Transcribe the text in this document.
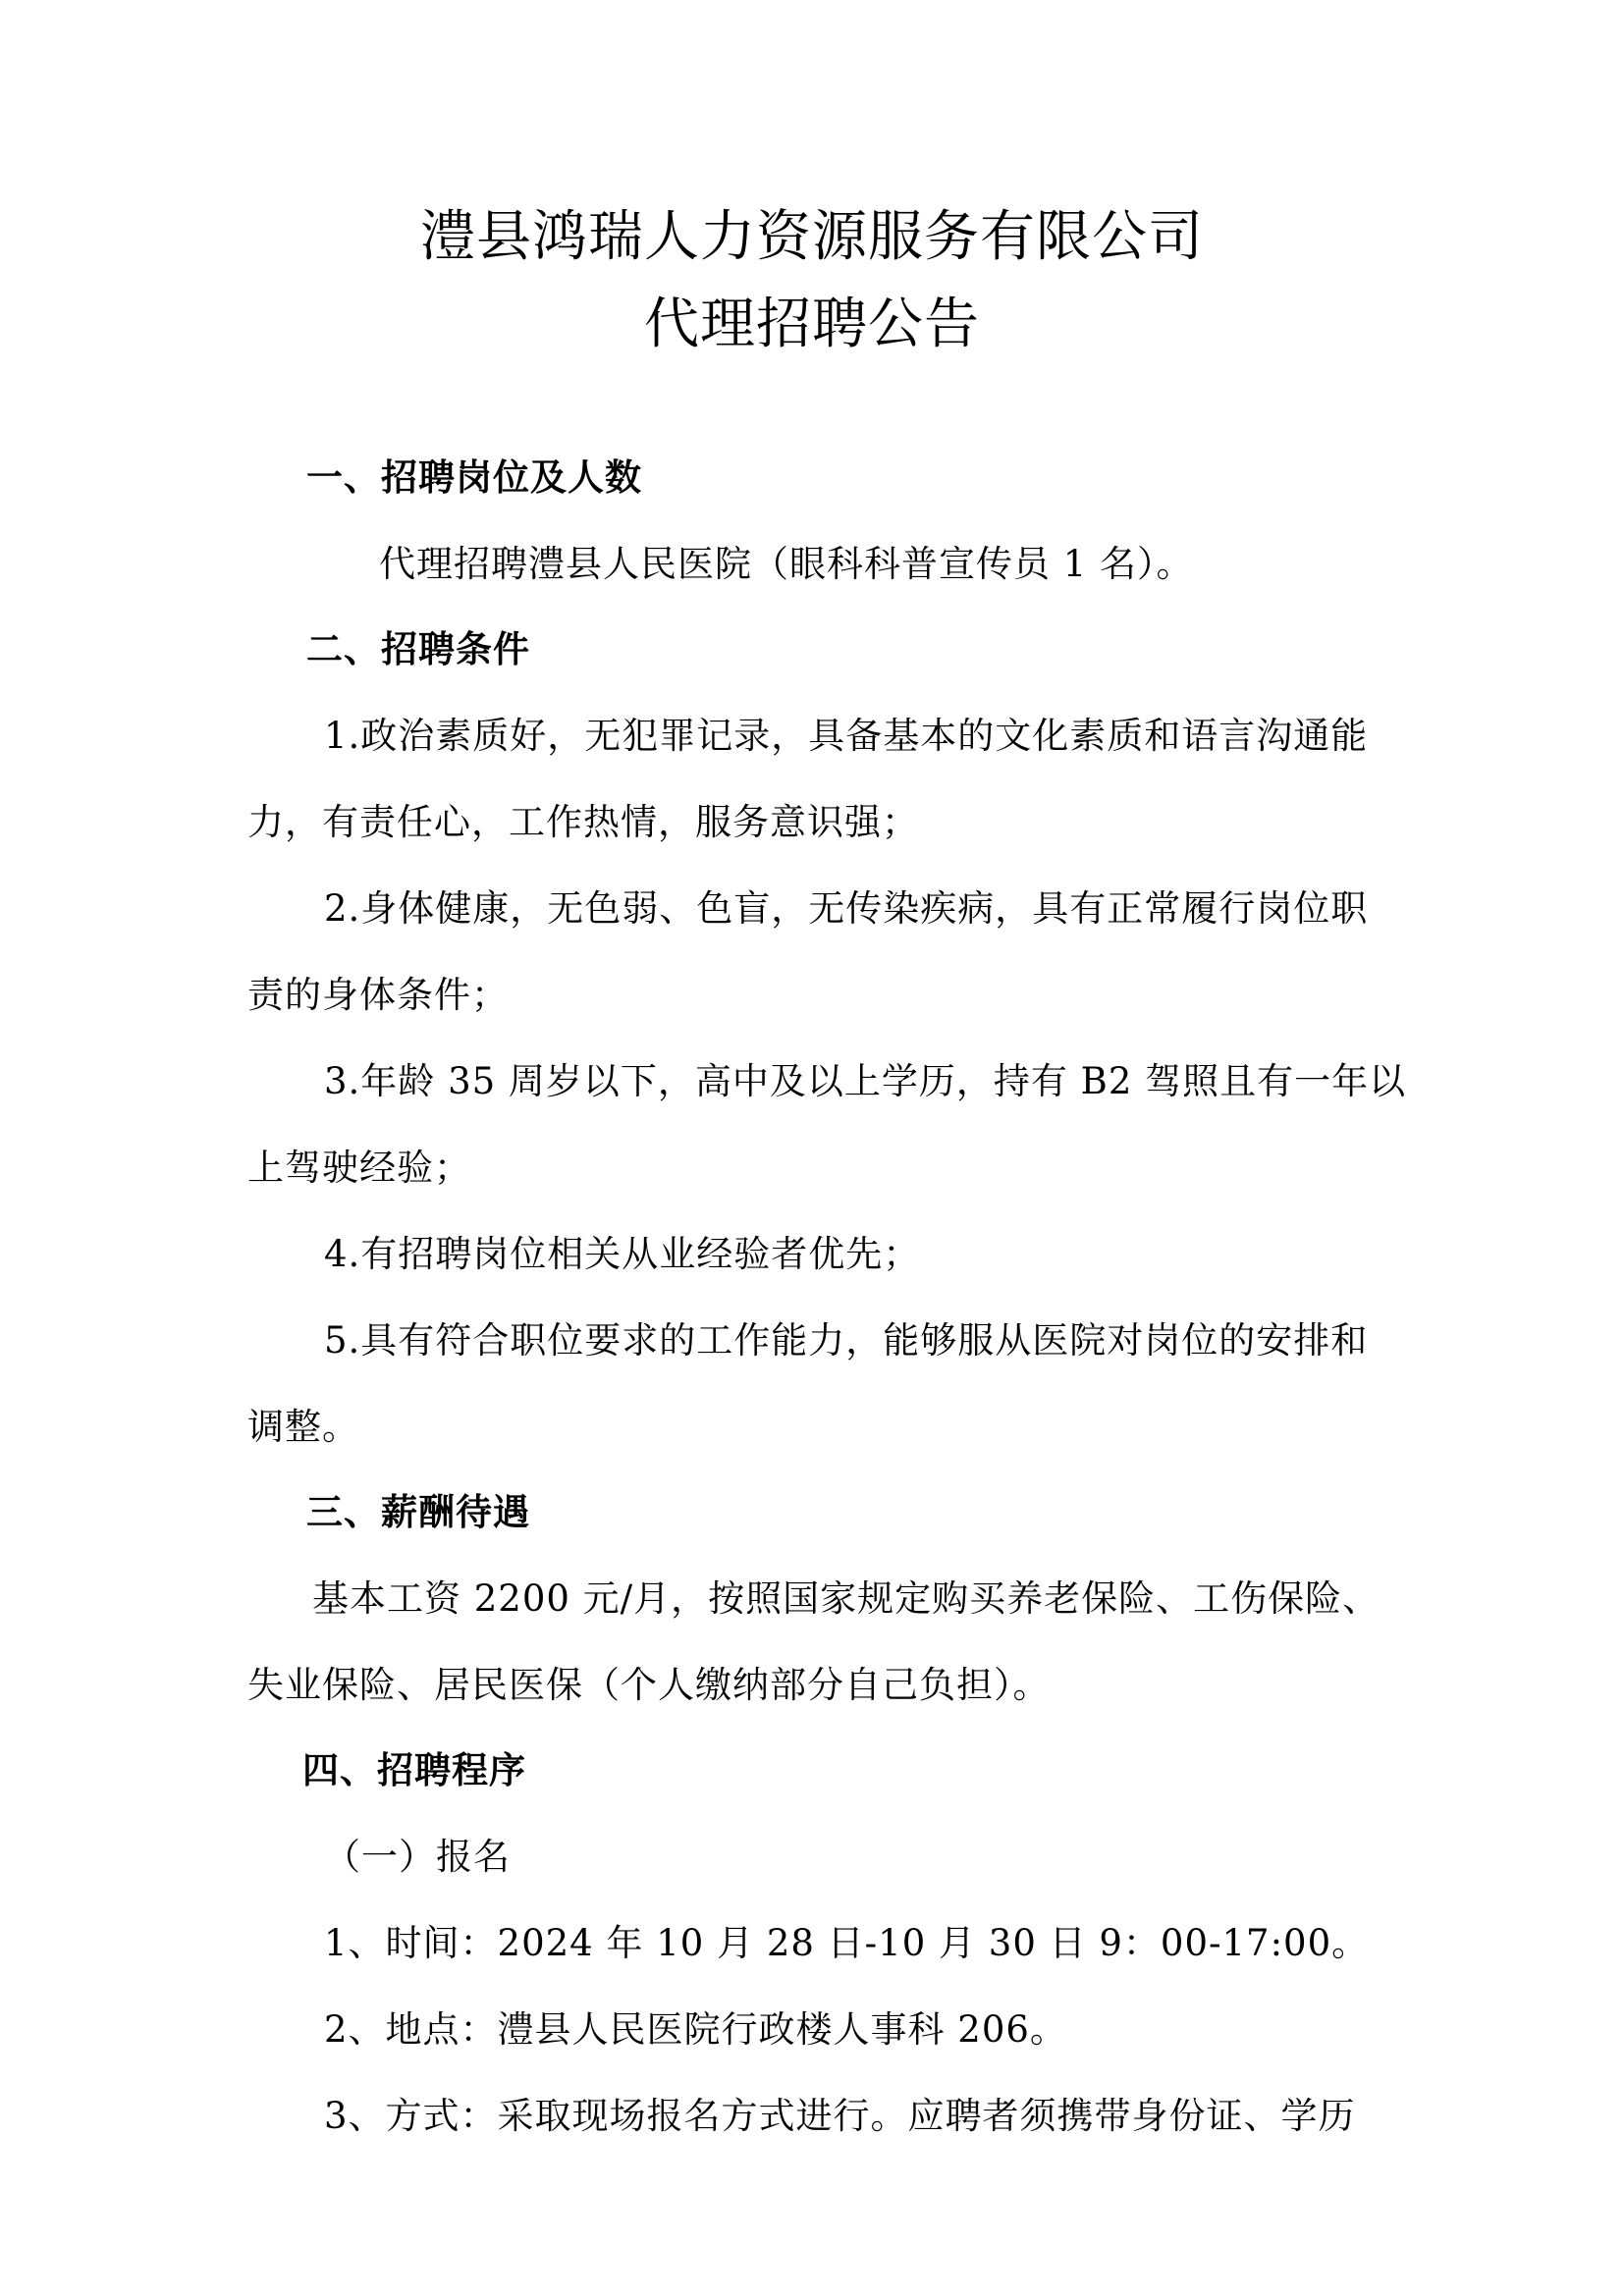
澧县鸿瑞人力资源服务有限公司
代理招聘公告
一、招聘岗位及人数
代理招聘澧县人民医院（眼科科普宣传员 1 名）。
二、招聘条件
1.政治素质好，无犯罪记录，具备基本的文化素质和语言沟通能
力，有责任心，工作热情，服务意识强；
2.身体健康，无色弱、色盲，无传染疾病，具有正常履行岗位职
责的身体条件；
3.年龄 35 周岁以下，高中及以上学历，持有 B2 驾照且有一年以
上驾驶经验；
4.有招聘岗位相关从业经验者优先；
5.具有符合职位要求的工作能力，能够服从医院对岗位的安排和
调整。
三、薪酬待遇
基本工资 2200 元/月，按照国家规定购买养老保险、工伤保险、
失业保险、居民医保（个人缴纳部分自己负担）。
四、招聘程序
（一）报名
1、时间：2024 年 10 月 28 日-10 月 30 日 9：00-17:00。
2、地点：澧县人民医院行政楼人事科 206。
3、方式：采取现场报名方式进行。应聘者须携带身份证、学历
